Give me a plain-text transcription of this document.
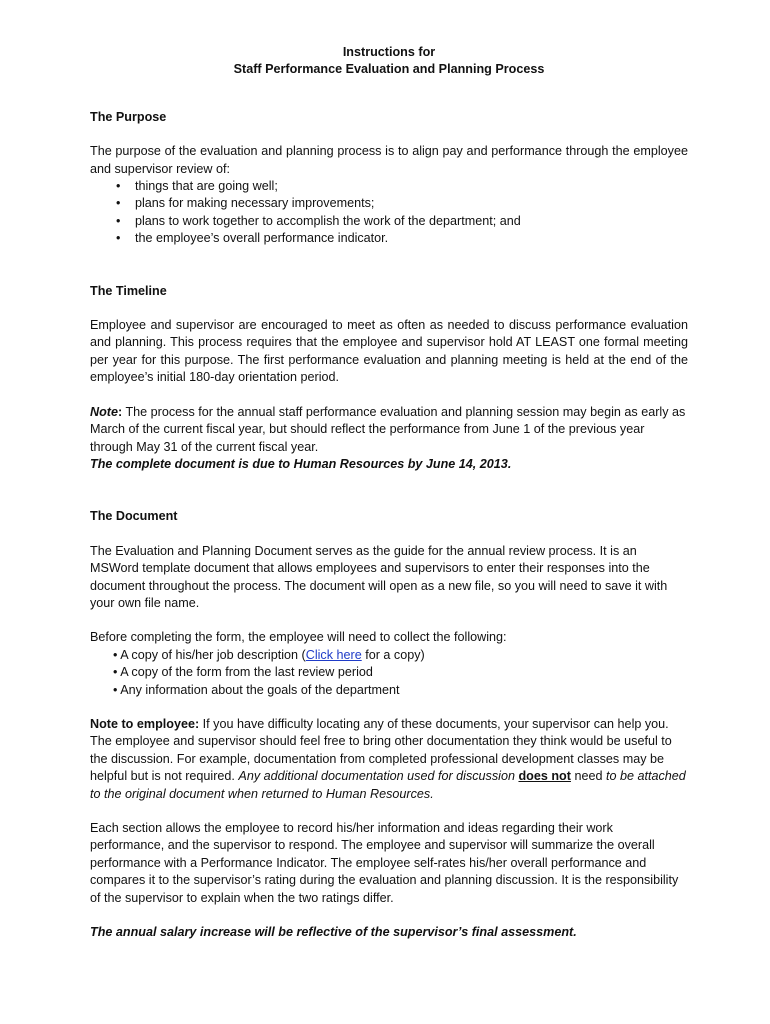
Instructions for

Staff Performance Evaluation and Planning Process

The Purpose

The purpose of the evaluation and planning process is to align pay and performance through the employee and supervisor review of:

• things that are going well;
• plans for making necessary improvements;
• plans to work together to accomplish the work of the department; and
• the employee’s overall performance indicator.

The Timeline

Employee and supervisor are encouraged to meet as often as needed to discuss performance evaluation and planning. This process requires that the employee and supervisor hold AT LEAST one formal meeting per year for this purpose. The first performance evaluation and planning meeting is held at the end of the employee’s initial 180-day orientation period.

Note: The process for the annual staff performance evaluation and planning session may begin as early as March of the current fiscal year, but should reflect the performance from June 1 of the previous year through May 31 of the current fiscal year.

The complete document is due to Human Resources by June 14, 2013.

The Document

The Evaluation and Planning Document serves as the guide for the annual review process. It is an MSWord template document that allows employees and supervisors to enter their responses into the document throughout the process. The document will open as a new file, so you will need to save it with your own file name.

Before completing the form, the employee will need to collect the following:

• A copy of his/her job description (Click here for a copy)
• A copy of the form from the last review period
• Any information about the goals of the department

Note to employee: If you have difficulty locating any of these documents, your supervisor can help you. The employee and supervisor should feel free to bring other documentation they think would be useful to the discussion. For example, documentation from completed professional development classes may be helpful but is not required. Any additional documentation used for discussion does not need to be attached to the original document when returned to Human Resources.

Each section allows the employee to record his/her information and ideas regarding their work performance, and the supervisor to respond. The employee and supervisor will summarize the overall performance with a Performance Indicator. The employee self-rates his/her overall performance and compares it to the supervisor’s rating during the evaluation and planning discussion. It is the responsibility of the supervisor to explain when the two ratings differ.

The annual salary increase will be reflective of the supervisor’s final assessment.
